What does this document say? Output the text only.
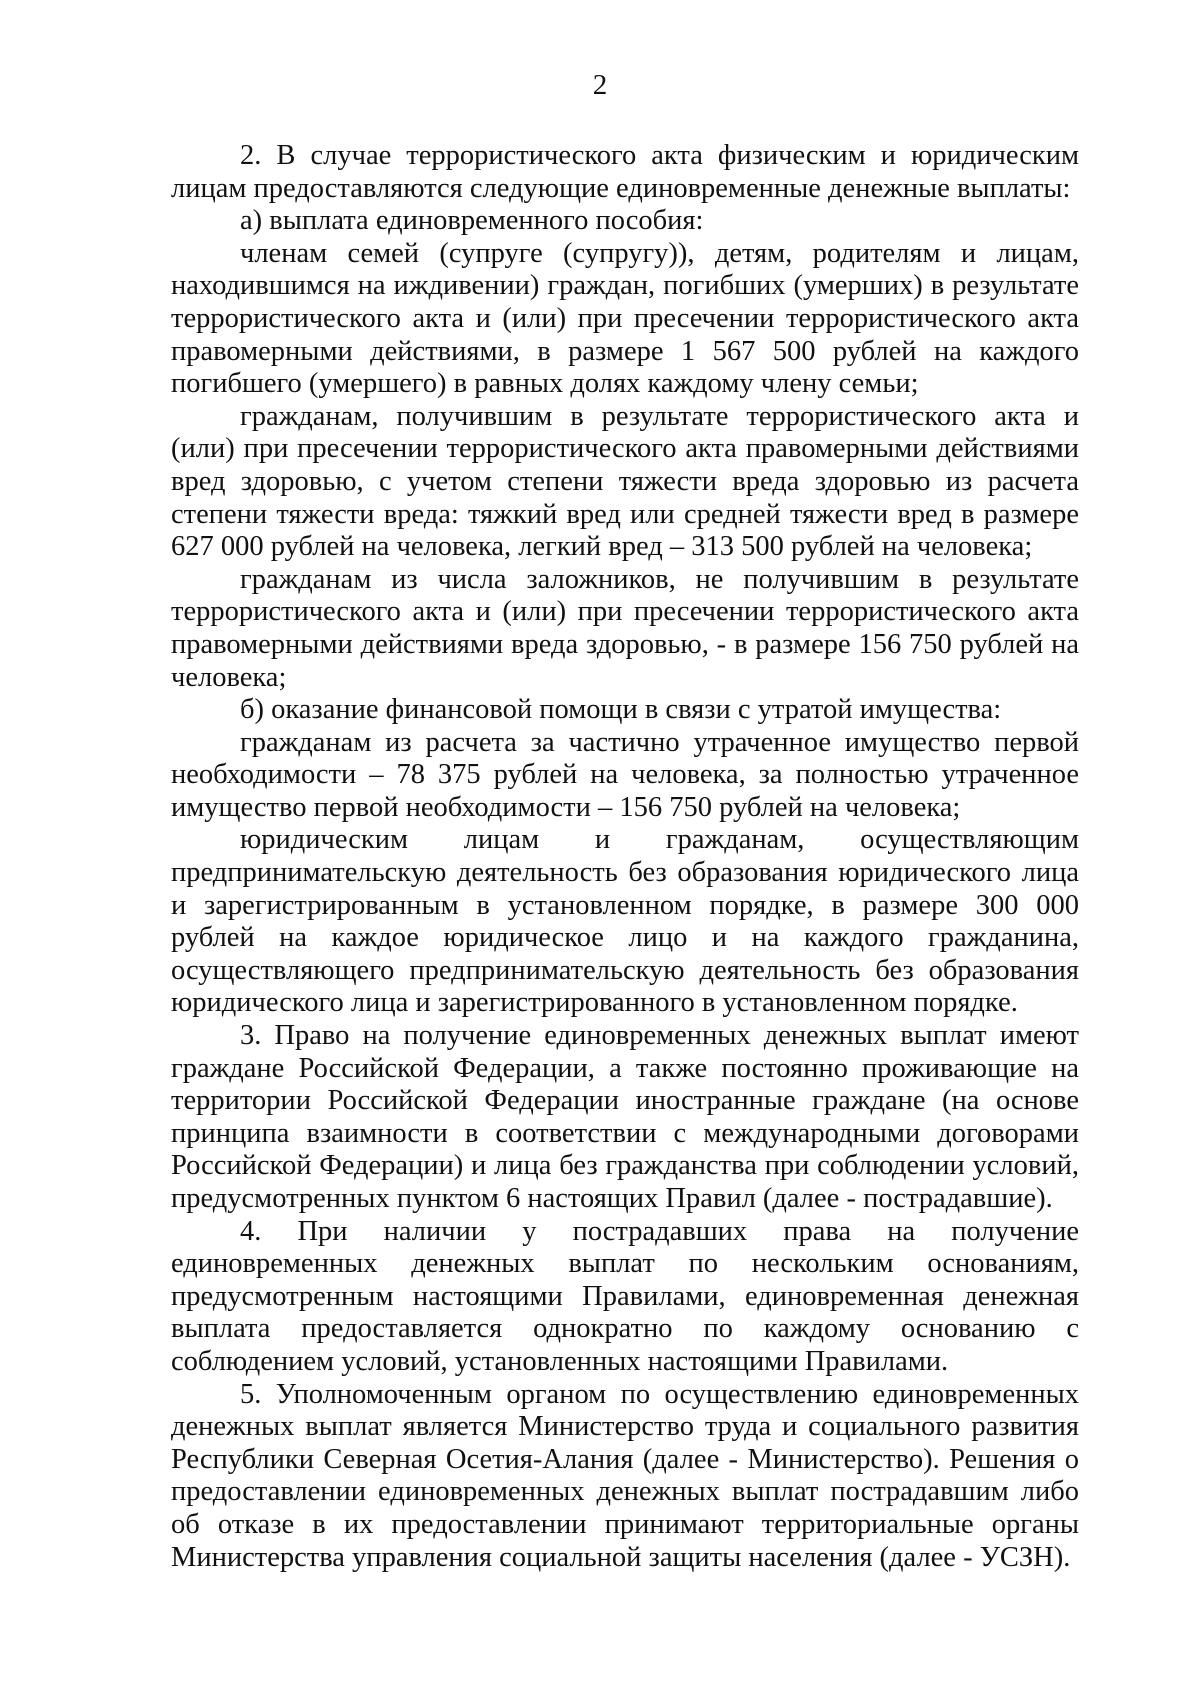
2

2. В случае террористического акта физическим и юридическим лицам предоставляются следующие единовременные денежные выплаты:

а) выплата единовременного пособия:

членам семей (супруге (супругу)), детям, родителям и лицам, находившимся на иждивении) граждан, погибших (умерших) в результате террористического акта и (или) при пресечении террористического акта правомерными действиями, в размере 1 567 500 рублей на каждого погибшего (умершего) в равных долях каждому члену семьи;

гражданам, получившим в результате террористического акта и (или) при пресечении террористического акта правомерными действиями вред здоровью, с учетом степени тяжести вреда здоровью из расчета степени тяжести вреда: тяжкий вред или средней тяжести вред в размере 627 000 рублей на человека, легкий вред – 313 500 рублей на человека;

гражданам из числа заложников, не получившим в результате террористического акта и (или) при пресечении террористического акта правомерными действиями вреда здоровью, - в размере 156 750 рублей на человека;

б) оказание финансовой помощи в связи с утратой имущества:

гражданам из расчета за частично утраченное имущество первой необходимости – 78 375 рублей на человека, за полностью утраченное имущество первой необходимости – 156 750 рублей на человека;

юридическим лицам и гражданам, осуществляющим предпринимательскую деятельность без образования юридического лица и зарегистрированным в установленном порядке, в размере 300 000 рублей на каждое юридическое лицо и на каждого гражданина, осуществляющего предпринимательскую деятельность без образования юридического лица и зарегистрированного в установленном порядке.

3. Право на получение единовременных денежных выплат имеют граждане Российской Федерации, а также постоянно проживающие на территории Российской Федерации иностранные граждане (на основе принципа взаимности в соответствии с международными договорами Российской Федерации) и лица без гражданства при соблюдении условий, предусмотренных пунктом 6 настоящих Правил (далее - пострадавшие).

4. При наличии у пострадавших права на получение единовременных денежных выплат по нескольким основаниям, предусмотренным настоящими Правилами, единовременная денежная выплата предоставляется однократно по каждому основанию с соблюдением условий, установленных настоящими Правилами.

5. Уполномоченным органом по осуществлению единовременных денежных выплат является Министерство труда и социального развития Республики Северная Осетия-Алания (далее - Министерство). Решения о предоставлении единовременных денежных выплат пострадавшим либо об отказе в их предоставлении принимают территориальные органы Министерства управления социальной защиты населения (далее - УСЗН).
